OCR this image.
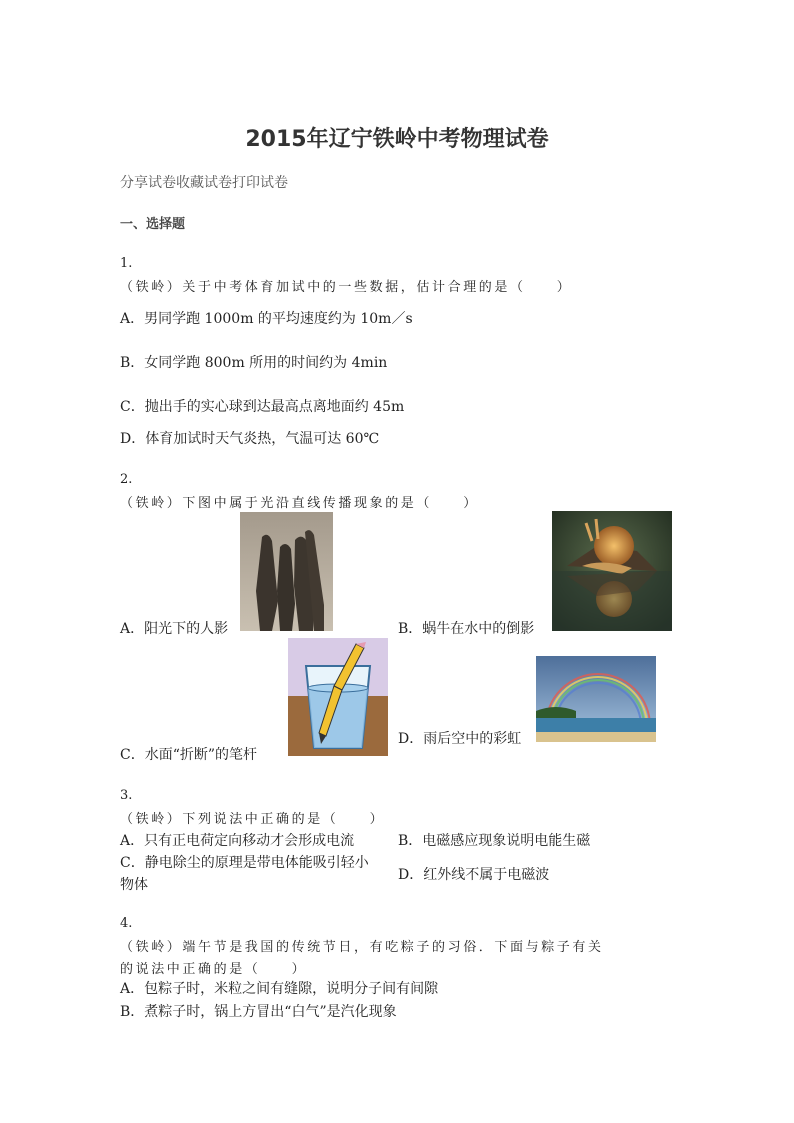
2015年辽宁铁岭中考物理试卷
分享试卷收藏试卷打印试卷
一、选择题
1.
（铁岭）关于中考体育加试中的一些数据，估计合理的是（　　）
A．男同学跑 1000m 的平均速度约为 10m／s
B．女同学跑 800m 所用的时间约为 4min
C．抛出手的实心球到达最高点离地面约 45m
D．体育加试时天气炎热，气温可达 60℃
2.
（铁岭）下图中属于光沿直线传播现象的是（　　）
A．阳光下的人影	B．蜗牛在水中的倒影
C．水面“折断”的笔杆
D．雨后空中的彩虹
3.
（铁岭）下列说法中正确的是（　　）
A．只有正电荷定向移动才会形成电流	B．电磁感应现象说明电能生磁
C．静电除尘的原理是带电体能吸引轻小
物体
D．红外线不属于电磁波
4.
（铁岭）端午节是我国的传统节日，有吃粽子的习俗．下面与粽子有关
的说法中正确的是（　　）
A．包粽子时，米粒之间有缝隙，说明分子间有间隙
B．煮粽子时，锅上方冒出“白气”是汽化现象
